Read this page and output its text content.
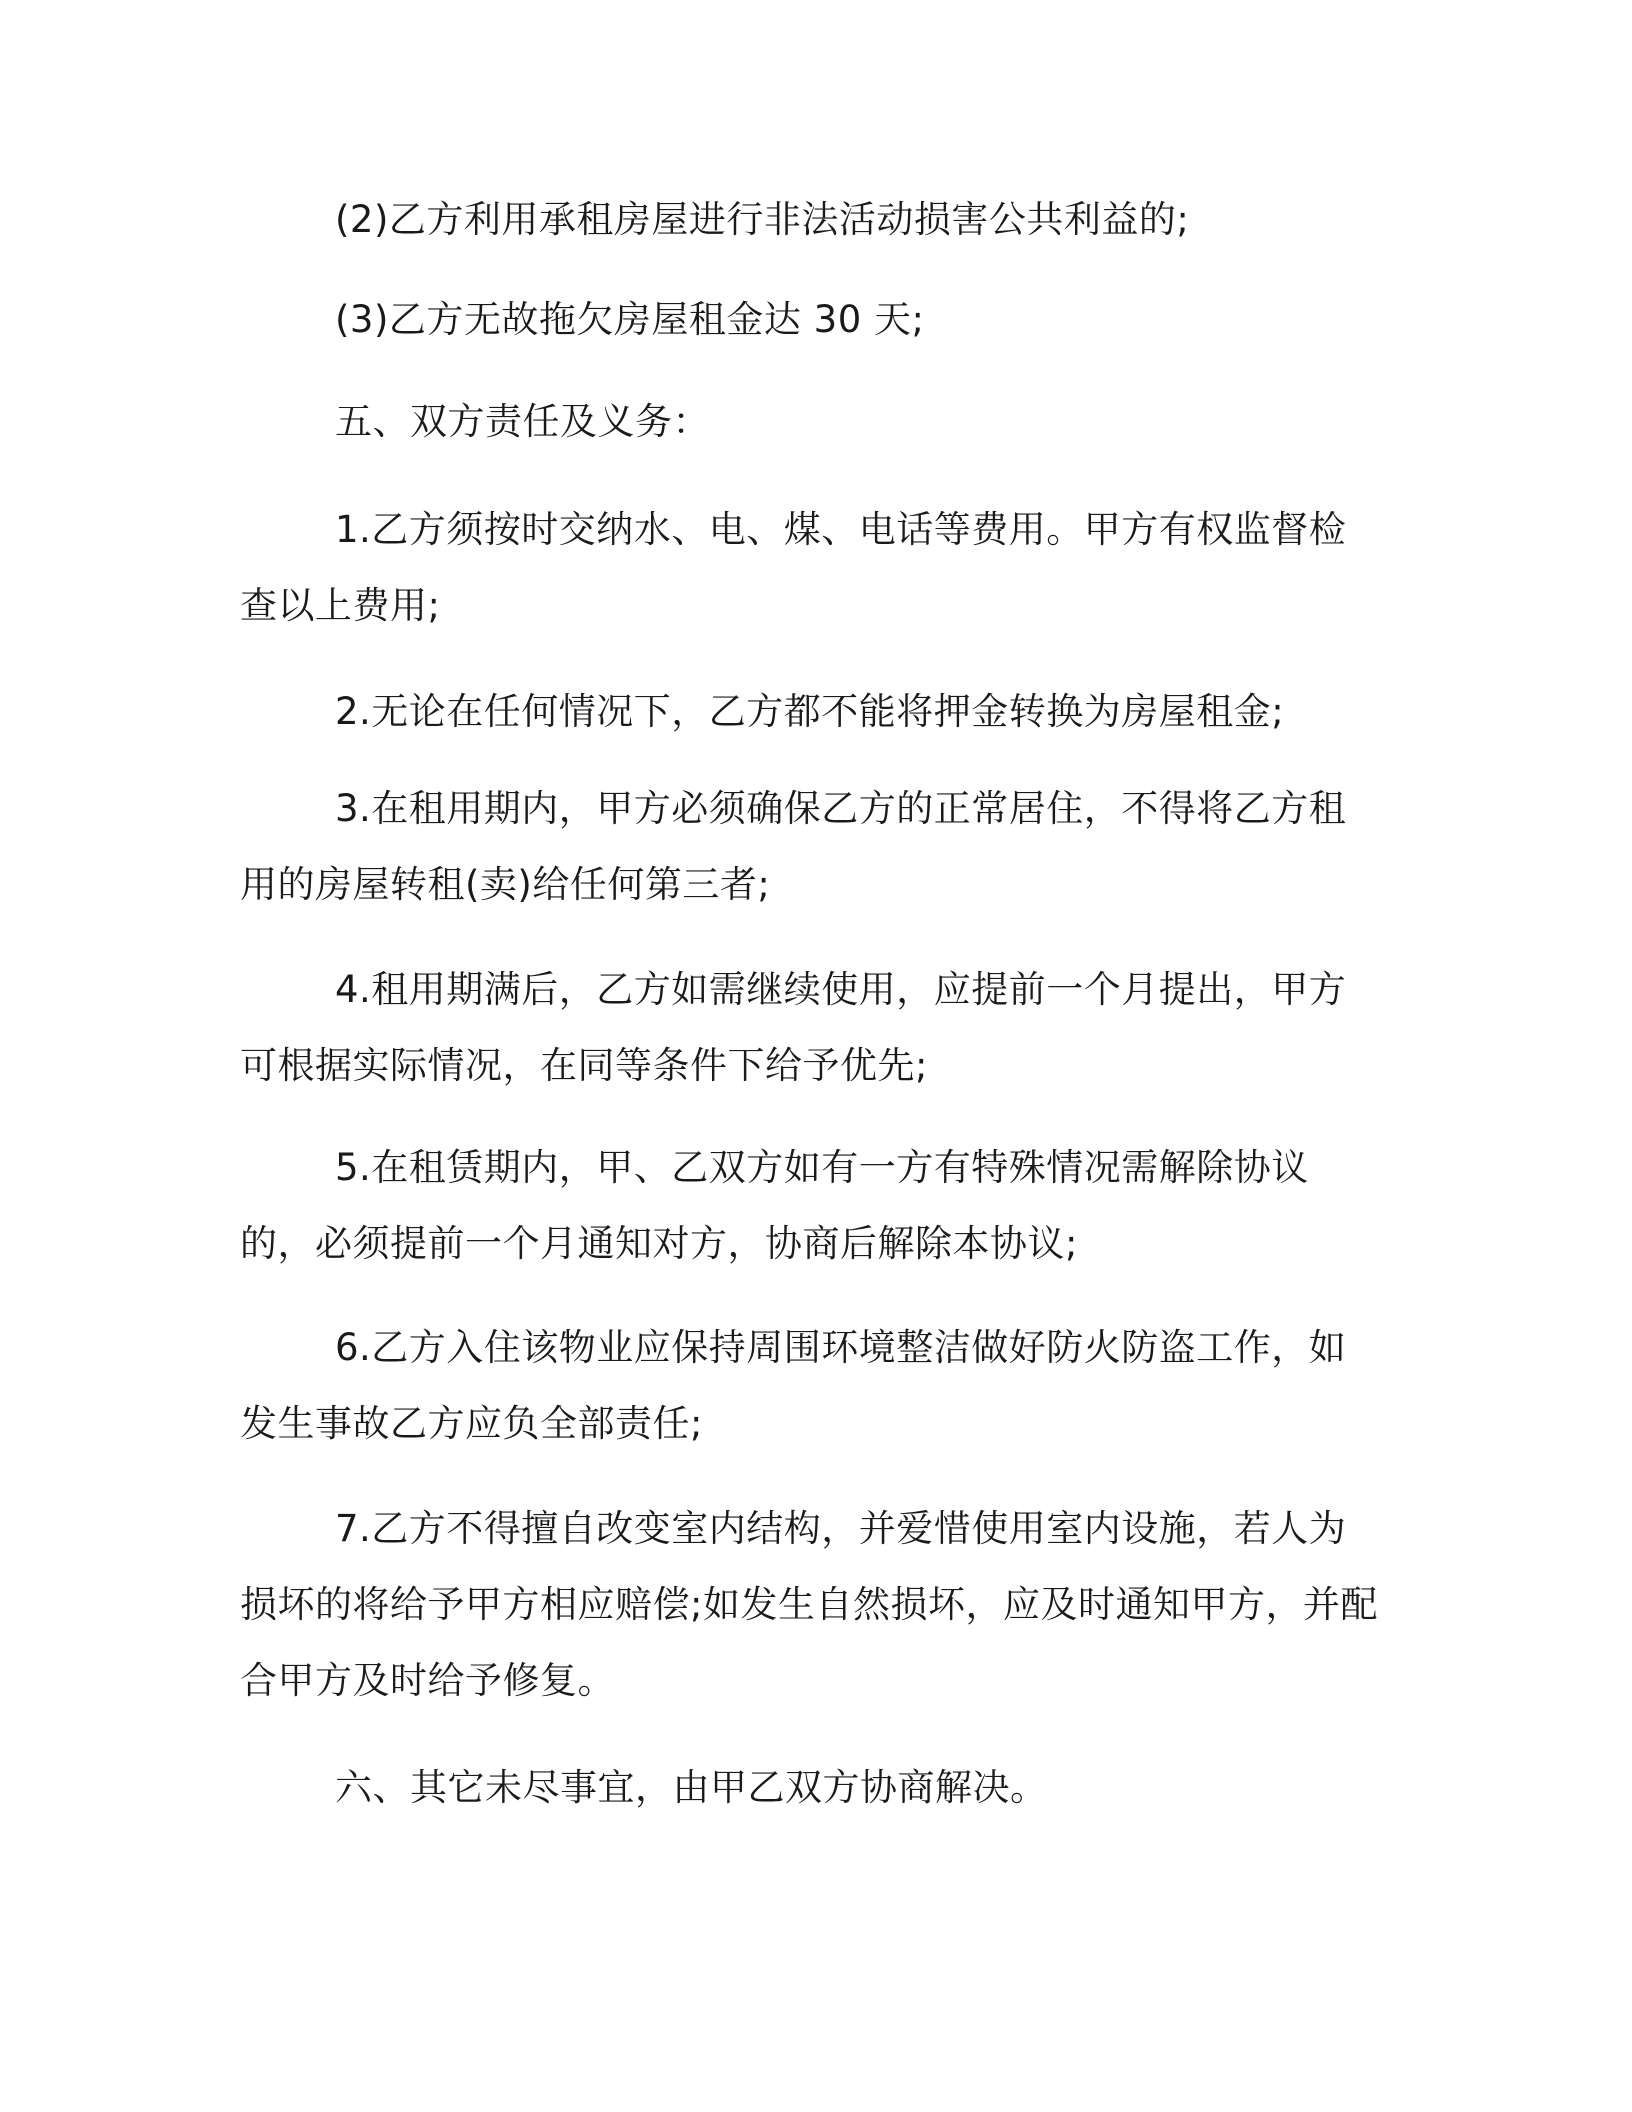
(2)乙方利用承租房屋进行非法活动损害公共利益的;

(3)乙方无故拖欠房屋租金达 30 天;

五、双方责任及义务：

1.乙方须按时交纳水、电、煤、电话等费用。甲方有权监督检查以上费用;

2.无论在任何情况下，乙方都不能将押金转换为房屋租金;

3.在租用期内，甲方必须确保乙方的正常居住，不得将乙方租用的房屋转租(卖)给任何第三者;

4.租用期满后，乙方如需继续使用，应提前一个月提出，甲方可根据实际情况，在同等条件下给予优先;

5.在租赁期内，甲、乙双方如有一方有特殊情况需解除协议的，必须提前一个月通知对方，协商后解除本协议;

6.乙方入住该物业应保持周围环境整洁做好防火防盗工作，如发生事故乙方应负全部责任;

7.乙方不得擅自改变室内结构，并爱惜使用室内设施，若人为损坏的将给予甲方相应赔偿;如发生自然损坏，应及时通知甲方，并配合甲方及时给予修复。

六、其它未尽事宜，由甲乙双方协商解决。
